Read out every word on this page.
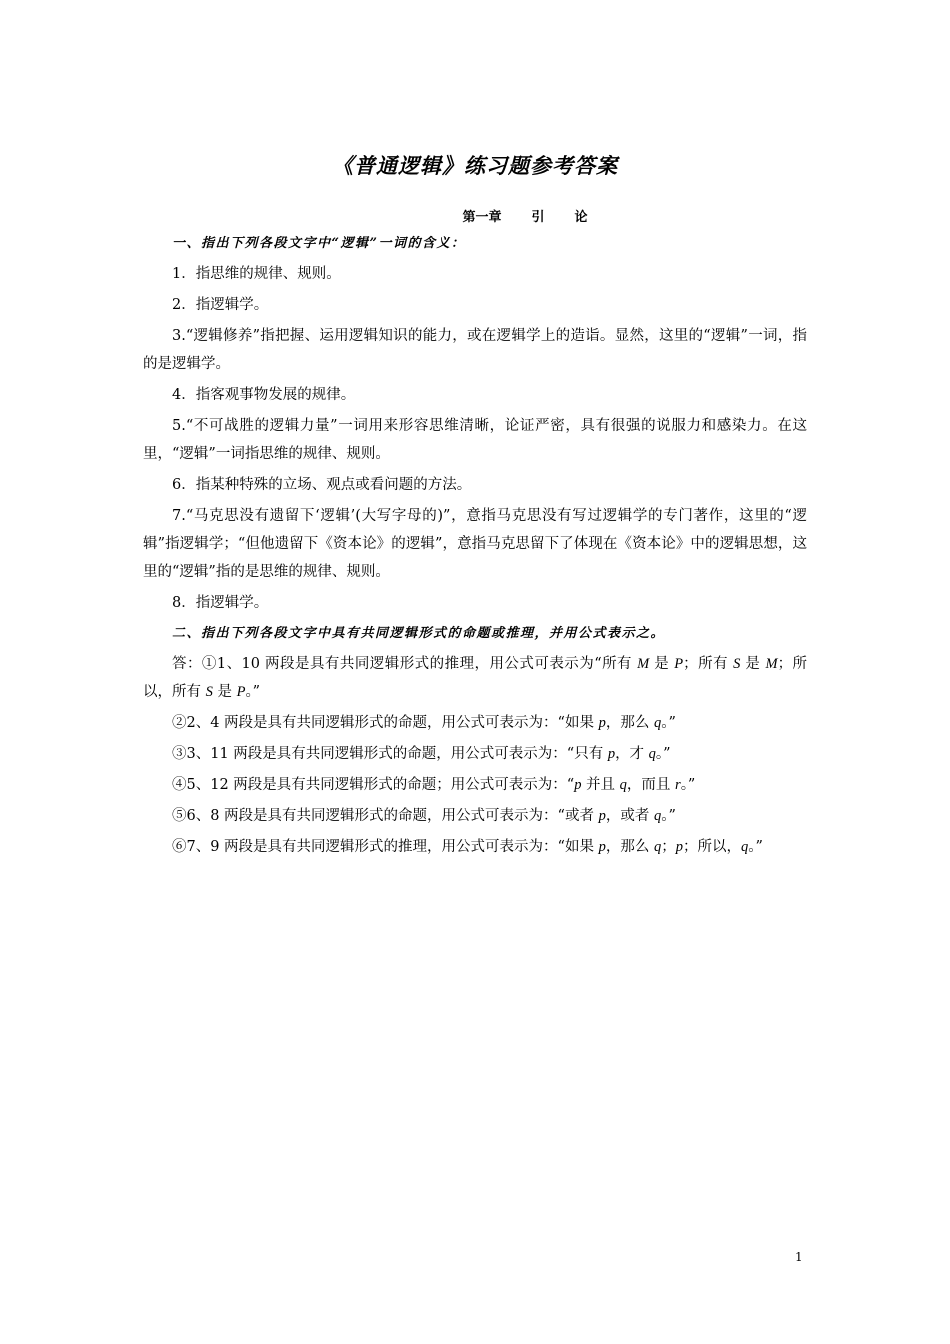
《普通逻辑》练习题参考答案
第一章 引 论
一、指出下列各段文字中“逻辑”一词的含义：
1．指思维的规律、规则。
2．指逻辑学。
3.“逻辑修养”指把握、运用逻辑知识的能力，或在逻辑学上的造诣。显然，这里的“逻辑”一词，指的是逻辑学。
4．指客观事物发展的规律。
5.“不可战胜的逻辑力量”一词用来形容思维清晰，论证严密，具有很强的说服力和感染力。在这里，“逻辑”一词指思维的规律、规则。
6．指某种特殊的立场、观点或看问题的方法。
7.“马克思没有遗留下‘逻辑’(大写字母的)”，意指马克思没有写过逻辑学的专门著作，这里的“逻辑”指逻辑学；“但他遗留下《资本论》的逻辑”，意指马克思留下了体现在《资本论》中的逻辑思想，这里的“逻辑”指的是思维的规律、规则。
8．指逻辑学。
二、指出下列各段文字中具有共同逻辑形式的命题或推理，并用公式表示之。
答：①1、10 两段是具有共同逻辑形式的推理，用公式可表示为“所有 M 是 P；所有 S 是 M；所以，所有 S 是 P。”
②2、4 两段是具有共同逻辑形式的命题，用公式可表示为：“如果 p，那么 q。”
③3、11 两段是具有共同逻辑形式的命题，用公式可表示为：“只有 p，才 q。”
④5、12 两段是具有共同逻辑形式的命题；用公式可表示为：“p 并且 q，而且 r。”
⑤6、8 两段是具有共同逻辑形式的命题，用公式可表示为：“或者 p，或者 q。”
⑥7、9 两段是具有共同逻辑形式的推理，用公式可表示为：“如果 p，那么 q；p；所以，q。”
1
